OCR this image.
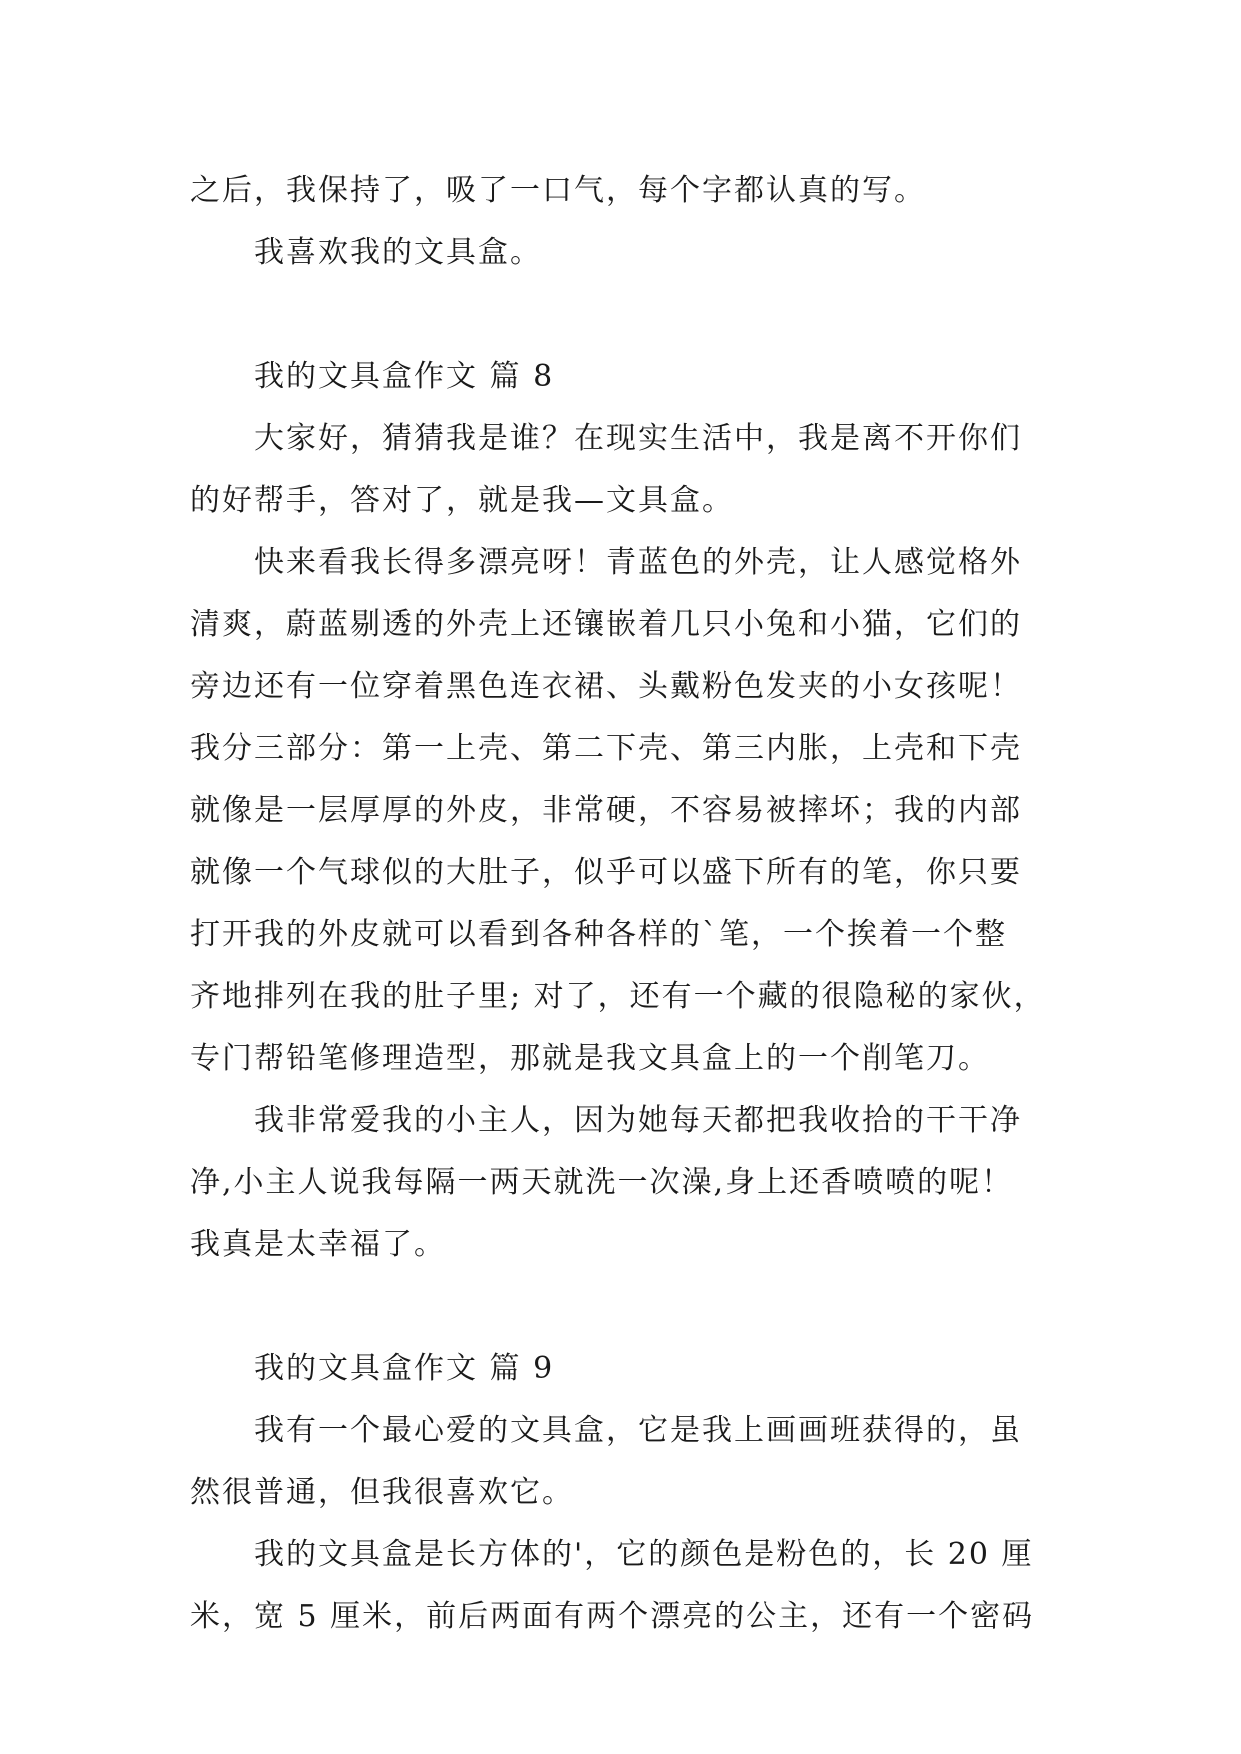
之后，我保持了，吸了一口气，每个字都认真的写。
我喜欢我的文具盒。
我的文具盒作文 篇 8
大家好，猜猜我是谁？在现实生活中，我是离不开你们
的好帮手，答对了，就是我—文具盒。
快来看我长得多漂亮呀！青蓝色的外壳，让人感觉格外
清爽，蔚蓝剔透的外壳上还镶嵌着几只小兔和小猫，它们的
旁边还有一位穿着黑色连衣裙、头戴粉色发夹的小女孩呢！
我分三部分：第一上壳、第二下壳、第三内胀，上壳和下壳
就像是一层厚厚的外皮，非常硬，不容易被摔坏；我的内部
就像一个气球似的大肚子，似乎可以盛下所有的笔，你只要
打开我的外皮就可以看到各种各样的`笔，一个挨着一个整
齐地排列在我的肚子里; 对了，还有一个藏的很隐秘的家伙，
专门帮铅笔修理造型，那就是我文具盒上的一个削笔刀。
我非常爱我的小主人，因为她每天都把我收拾的干干净
净,小主人说我每隔一两天就洗一次澡,身上还香喷喷的呢！
我真是太幸福了。
我的文具盒作文 篇 9
我有一个最心爱的文具盒，它是我上画画班获得的，虽
然很普通，但我很喜欢它。
我的文具盒是长方体的'，它的颜色是粉色的，长 20 厘
米，宽 5 厘米，前后两面有两个漂亮的公主，还有一个密码
